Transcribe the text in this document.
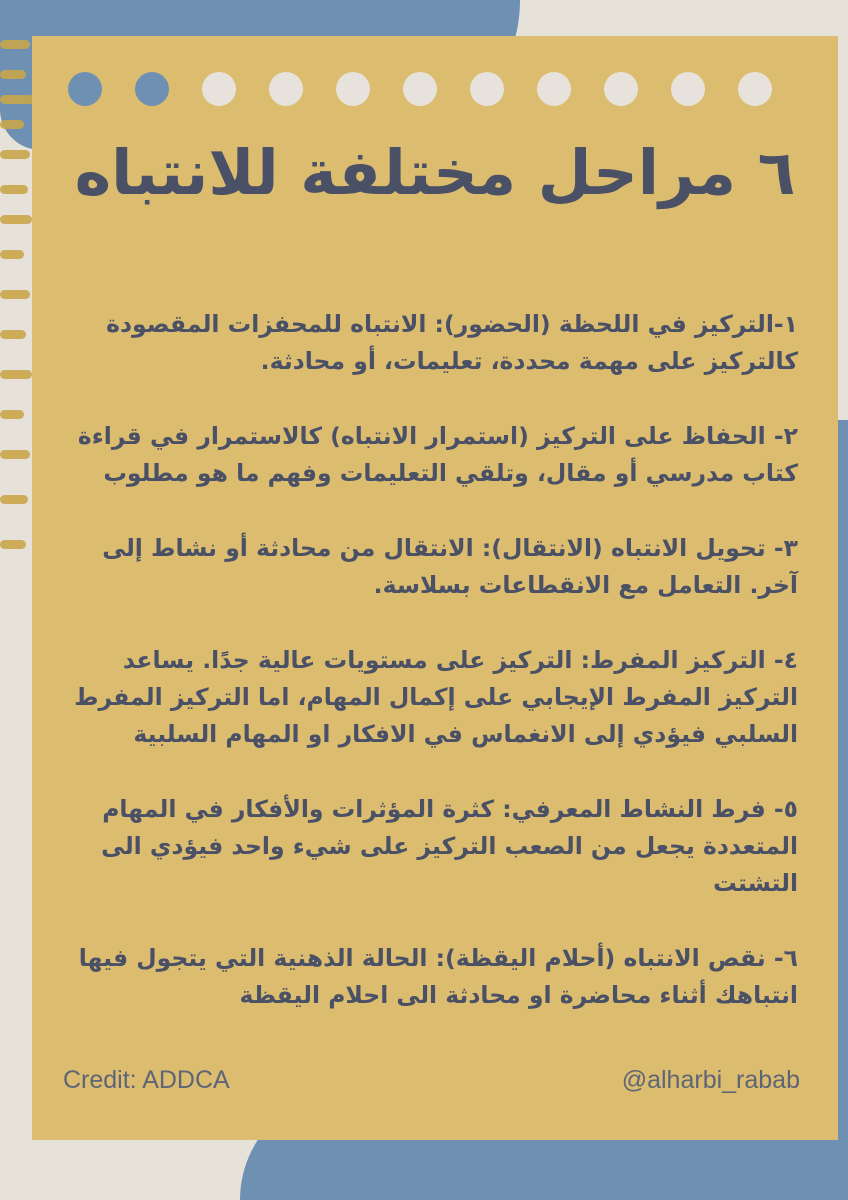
٦ مراحل مختلفة للانتباه

١-التركيز في اللحظة (الحضور): الانتباه للمحفزات المقصودة كالتركيز على مهمة محددة، تعليمات، أو محادثة.

٢- الحفاظ على التركيز (استمرار الانتباه) كالاستمرار في قراءة كتاب مدرسي أو مقال، وتلقي التعليمات وفهم ما هو مطلوب

٣- تحويل الانتباه (الانتقال): الانتقال من محادثة أو نشاط إلى آخر. التعامل مع الانقطاعات بسلاسة.

٤- التركيز المفرط: التركيز على مستويات عالية جدًا. يساعد التركيز المفرط الإيجابي على إكمال المهام، اما التركيز المفرط السلبي فيؤدي إلى الانغماس في الافكار او المهام السلبية

٥- فرط النشاط المعرفي: كثرة المؤثرات والأفكار في المهام المتعددة يجعل من الصعب التركيز على شيء واحد فيؤدي الى التشتت

٦- نقص الانتباه (أحلام اليقظة): الحالة الذهنية التي يتجول فيها انتباهك أثناء محاضرة او محادثة الى احلام اليقظة

Credit: ADDCA	@alharbi_rabab
